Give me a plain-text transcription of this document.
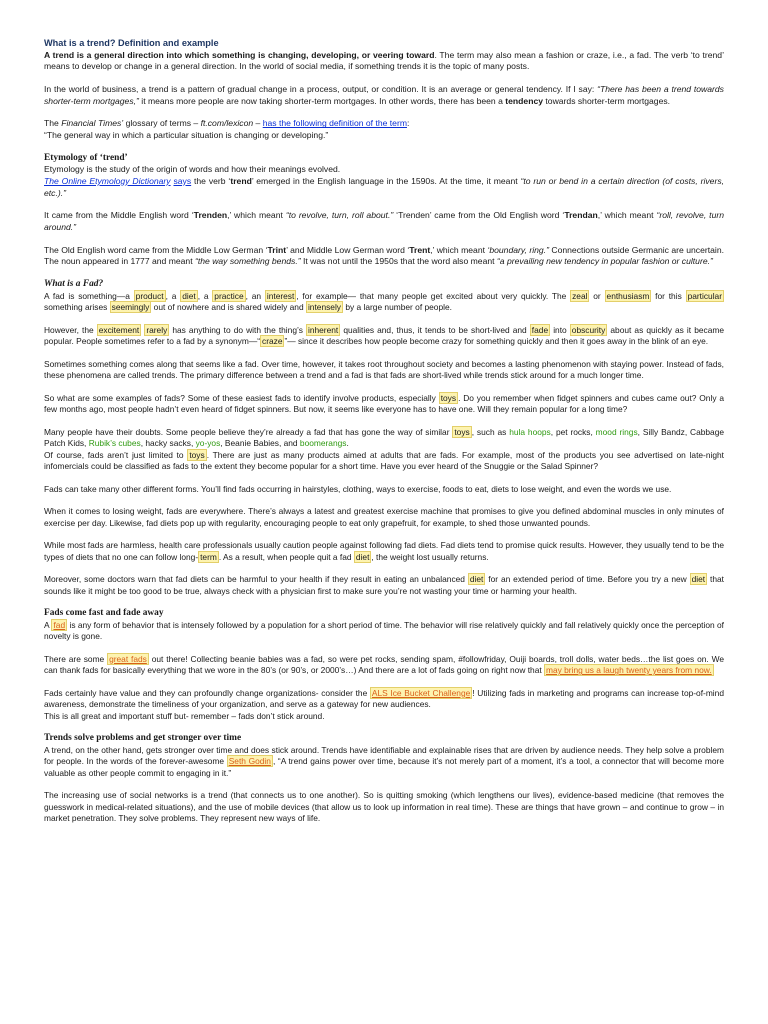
What is a trend? Definition and example

A trend is a general direction into which something is changing, developing, or veering toward. The term may also mean a fashion or craze, i.e., a fad. The verb ‘to trend’ means to develop or change in a general direction. In the world of social media, if something trends it is the topic of many posts.

In the world of business, a trend is a pattern of gradual change in a process, output, or condition. It is an average or general tendency. If I say: “There has been a trend towards shorter-term mortgages,” it means more people are now taking shorter-term mortgages. In other words, there has been a tendency towards shorter-term mortgages.

The Financial Times’ glossary of terms – ft.com/lexicon – has the following definition of the term:

“The general way in which a particular situation is changing or developing.”

Etymology of ‘trend’

Etymology is the study of the origin of words and how their meanings evolved.

The Online Etymology Dictionary says the verb ‘trend’ emerged in the English language in the 1590s. At the time, it meant “to run or bend in a certain direction (of costs, rivers, etc.).”

It came from the Middle English word ‘Trenden,’ which meant “to revolve, turn, roll about.” ‘Trenden’ came from the Old English word ‘Trendan,’ which meant “roll, revolve, turn around.”

The Old English word came from the Middle Low German ‘Trint’ and Middle Low German word ‘Trent,’ which meant ‘boundary, ring.” Connections outside Germanic are uncertain. The noun appeared in 1777 and meant “the way something bends.” It was not until the 1950s that the word also meant “a prevailing new tendency in popular fashion or culture.”

What is a Fad?

A fad is something—a product , a diet , a practice , an interest , for example— that many people get excited about very quickly. The zeal or enthusiasm for this particular something arises seemingly out of nowhere and is shared widely and intensely by a large number of people.

However, the excitement rarely has anything to do with the thing’s inherent qualities and, thus, it tends to be short-lived and fade into obscurity about as quickly as it became popular. People sometimes refer to a fad by a synonym—“ craze ”— since it describes how people become crazy for something quickly and then it goes away in the blink of an eye.

Sometimes something comes along that seems like a fad. Over time, however, it takes root throughout society and becomes a lasting phenomenon with staying power. Instead of fads, these phenomena are called trends. The primary difference between a trend and a fad is that fads are short-lived while trends stick around for a much longer time.

So what are some examples of fads? Some of these easiest fads to identify involve products, especially toys . Do you remember when fidget spinners and cubes came out? Only a few months ago, most people hadn’t even heard of fidget spinners. But now, it seems like everyone has to have one. Will they remain popular for a long time?

Many people have their doubts. Some people believe they’re already a fad that has gone the way of similar toys , such as hula hoops, pet rocks, mood rings, Silly Bandz, Cabbage Patch Kids, Rubik’s cubes, hacky sacks, yo-yos, Beanie Babies, and boomerangs.

Of course, fads aren’t just limited to toys . There are just as many products aimed at adults that are fads. For example, most of the products you see advertised on late-night infomercials could be classified as fads to the extent they become popular for a short time. Have you ever heard of the Snuggie or the Salad Spinner?

Fads can take many other different forms. You’ll find fads occurring in hairstyles, clothing, ways to exercise, foods to eat, diets to lose weight, and even the words we use.

When it comes to losing weight, fads are everywhere. There’s always a latest and greatest exercise machine that promises to give you defined abdominal muscles in only minutes of exercise per day. Likewise, fad diets pop up with regularity, encouraging people to eat only grapefruit, for example, to shed those unwanted pounds.

While most fads are harmless, health care professionals usually caution people against following fad diets. Fad diets tend to promise quick results. However, they usually tend to be the types of diets that no one can follow long- term . As a result, when people quit a fad diet , the weight lost usually returns.

Moreover, some doctors warn that fad diets can be harmful to your health if they result in eating an unbalanced diet for an extended period of time. Before you try a new diet that sounds like it might be too good to be true, always check with a physician first to make sure you’re not wasting your time or harming your health.

Fads come fast and fade away

A fad is any form of behavior that is intensely followed by a population for a short period of time. The behavior will rise relatively quickly and fall relatively quickly once the perception of novelty is gone.

There are some great fads out there! Collecting beanie babies was a fad, so were pet rocks, sending spam, #followfriday, Ouiji boards, troll dolls, water beds…the list goes on. We can thank fads for basically everything that we wore in the 80’s (or 90’s, or 2000’s…) And there are a lot of fads going on right now that may bring us a laugh twenty years from now.

Fads certainly have value and they can profoundly change organizations- consider the ALS Ice Bucket Challenge ! Utilizing fads in marketing and programs can increase top-of-mind awareness, demonstrate the timeliness of your organization, and serve as a gateway for new audiences.

This is all great and important stuff but- remember – fads don’t stick around.

Trends solve problems and get stronger over time

A trend, on the other hand, gets stronger over time and does stick around. Trends have identifiable and explainable rises that are driven by audience needs. They help solve a problem for people. In the words of the forever-awesome Seth Godin , “A trend gains power over time, because it’s not merely part of a moment, it’s a tool, a connector that will become more valuable as other people commit to engaging in it.”

The increasing use of social networks is a trend (that connects us to one another). So is quitting smoking (which lengthens our lives), evidence-based medicine (that removes the guesswork in medical-related situations), and the use of mobile devices (that allow us to look up information in real time). These are things that have grown – and continue to grow – in market penetration. They solve problems. They represent new ways of life.
